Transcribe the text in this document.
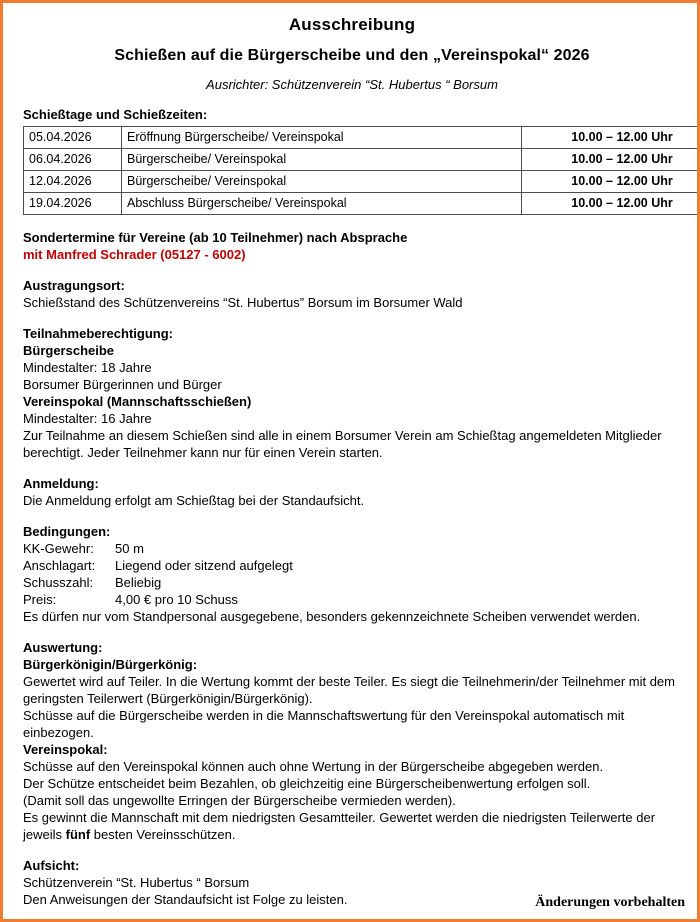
Ausschreibung
Schießen auf die Bürgerscheibe und den „Vereinspokal“ 2026

Ausrichter: Schützenverein “St. Hubertus “ Borsum

Schießtage und Schießzeiten:

05.04.2026	Eröffnung Bürgerscheibe/ Vereinspokal	10.00 – 12.00 Uhr
06.04.2026	Bürgerscheibe/ Vereinspokal	10.00 – 12.00 Uhr
12.04.2026	Bürgerscheibe/ Vereinspokal	10.00 – 12.00 Uhr
19.04.2026	Abschluss Bürgerscheibe/ Vereinspokal	10.00 – 12.00 Uhr

Sondertermine für Vereine (ab 10 Teilnehmer) nach Absprache

mit Manfred Schrader (05127 - 6002)

Austragungsort:

Schießstand des Schützenvereins “St. Hubertus” Borsum im Borsumer Wald

Teilnahmeberechtigung:

Bürgerscheibe

Mindestalter: 18 Jahre

Borsumer Bürgerinnen und Bürger

Vereinspokal (Mannschaftsschießen)

Mindestalter: 16 Jahre

Zur Teilnahme an diesem Schießen sind alle in einem Borsumer Verein am Schießtag angemeldeten Mitglieder berechtigt. Jeder Teilnehmer kann nur für einen Verein starten.

Anmeldung:

Die Anmeldung erfolgt am Schießtag bei der Standaufsicht.

Bedingungen:

KK-Gewehr:	50 m
Anschlagart:	Liegend oder sitzend aufgelegt
Schusszahl:	Beliebig
Preis:	4,00 € pro 10 Schuss

Es dürfen nur vom Standpersonal ausgegebene, besonders gekennzeichnete Scheiben verwendet werden.

Auswertung:

Bürgerkönigin/Bürgerkönig:

Gewertet wird auf Teiler. In die Wertung kommt der beste Teiler. Es siegt die Teilnehmerin/der Teilnehmer mit dem geringsten Teilerwert (Bürgerkönigin/Bürgerkönig).

Schüsse auf die Bürgerscheibe werden in die Mannschaftswertung für den Vereinspokal automatisch mit einbezogen.

Vereinspokal:

Schüsse auf den Vereinspokal können auch ohne Wertung in der Bürgerscheibe abgegeben werden.

Der Schütze entscheidet beim Bezahlen, ob gleichzeitig eine Bürgerscheibenwertung erfolgen soll.

(Damit soll das ungewollte Erringen der Bürgerscheibe vermieden werden).

Es gewinnt die Mannschaft mit dem niedrigsten Gesamtteiler. Gewertet werden die niedrigsten Teilerwerte der jeweils fünf besten Vereinsschützen.

Aufsicht:

Schützenverein “St. Hubertus “ Borsum

Den Anweisungen der Standaufsicht ist Folge zu leisten.	Änderungen vorbehalten
